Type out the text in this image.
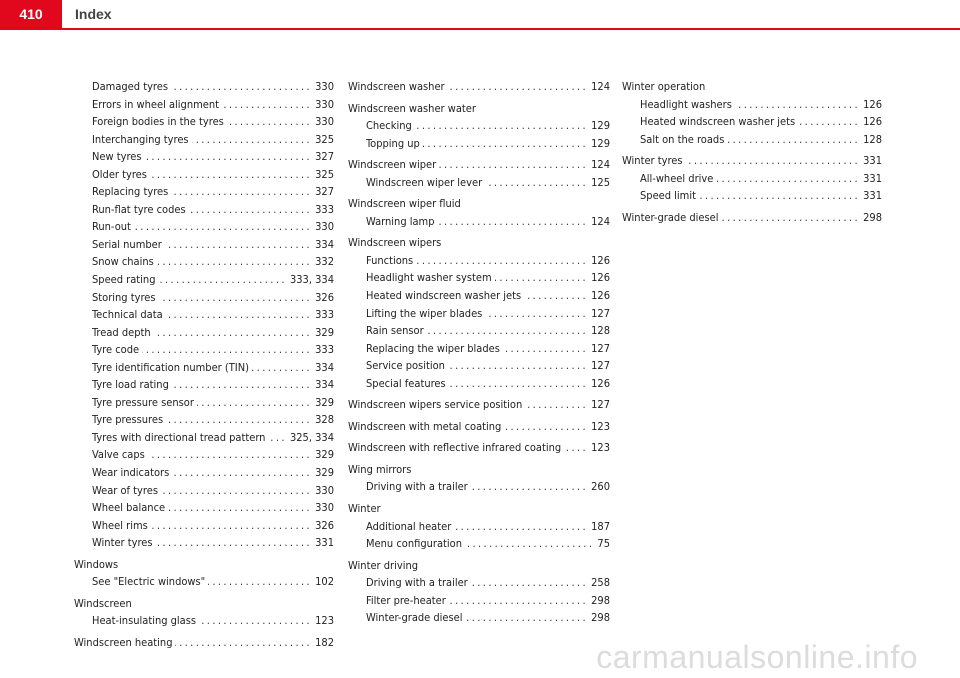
410	Index
Damaged tyres .....	330
Errors in wheel alignment .....	330
Foreign bodies in the tyres .....	330
Interchanging tyres .....	325
New tyres .....	327
Older tyres .....	325
Replacing tyres .....	327
Run-flat tyre codes .....	333
Run-out .....	330
Serial number .....	334
Snow chains .....	332
Speed rating .....	333, 334
Storing tyres .....	326
Technical data .....	333
Tread depth .....	329
Tyre code .....	333
Tyre identification number (TIN) .....	334
Tyre load rating .....	334
Tyre pressure sensor .....	329
Tyre pressures .....	328
Tyres with directional tread pattern ..... 325, 334
Valve caps .....	329
Wear indicators .....	329
Wear of tyres .....	330
Wheel balance .....	330
Wheel rims .....	326
Winter tyres .....	331
Windows
See "Electric windows" .....	102
Windscreen
Heat-insulating glass .....	123
Windscreen heating .....	182
Windscreen washer .....	124
Windscreen washer water
Checking .....	129
Topping up .....	129
Windscreen wiper .....	124
Windscreen wiper lever .....	125
Windscreen wiper fluid
Warning lamp .....	124
Windscreen wipers
Functions .....	126
Headlight washer system .....	126
Heated windscreen washer jets .....	126
Lifting the wiper blades .....	127
Rain sensor .....	128
Replacing the wiper blades .....	127
Service position .....	127
Special features .....	126
Windscreen wipers service position .....	127
Windscreen with metal coating .....	123
Windscreen with reflective infrared coating .....	123
Wing mirrors
Driving with a trailer .....	260
Winter
Additional heater .....	187
Menu configuration .....	75
Winter driving
Driving with a trailer .....	258
Filter pre-heater .....	298
Winter-grade diesel .....	298
Winter operation
Headlight washers .....	126
Heated windscreen washer jets .....	126
Salt on the roads .....	128
Winter tyres .....	331
All-wheel drive .....	331
Speed limit .....	331
Winter-grade diesel .....	298
carmanualsonline.info
